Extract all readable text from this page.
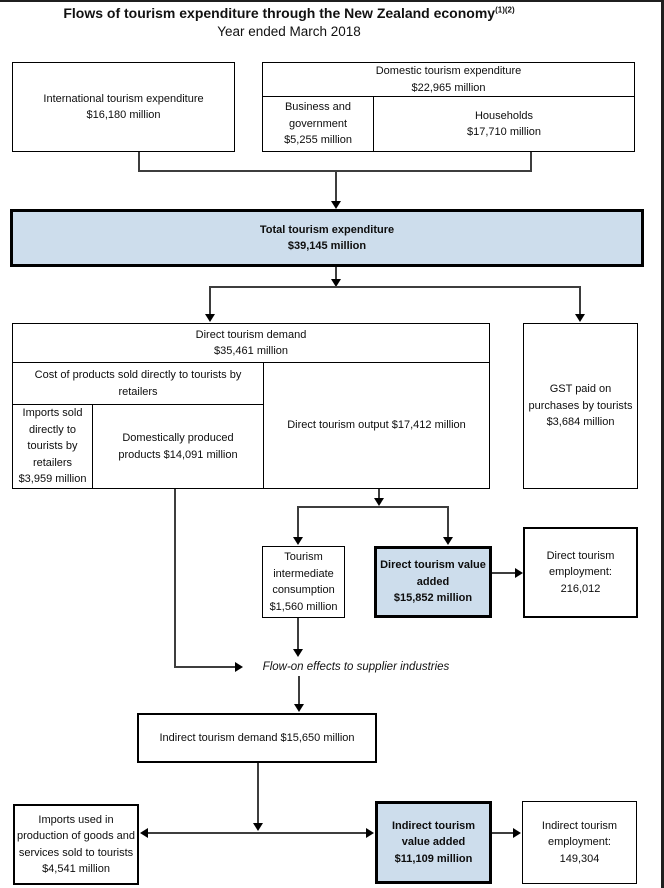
Flows of tourism expenditure through the New Zealand economy$^{(1)(2)}$
Year ended March 2018
International tourism expenditure
$16,180 million
Domestic tourism expenditure
$22,965 million
Business and government
$5,255 million
Households
$17,710 million
Total tourism expenditure
$39,145 million
Direct tourism demand
$35,461 million
Cost of products sold directly to tourists by retailers
Imports sold directly to tourists by retailers
$3,959 million
Domestically produced products $14,091 million
Direct tourism output $17,412 million
GST paid on purchases by tourists
$3,684 million
Tourism intermediate consumption
$1,560 million
Direct tourism value added
$15,852 million
Direct tourism employment:
216,012
Flow-on effects to supplier industries
Indirect tourism demand $15,650 million
Imports used in production of goods and services sold to tourists $4,541 million
Indirect tourism value added
$11,109 million
Indirect tourism employment:
149,304
